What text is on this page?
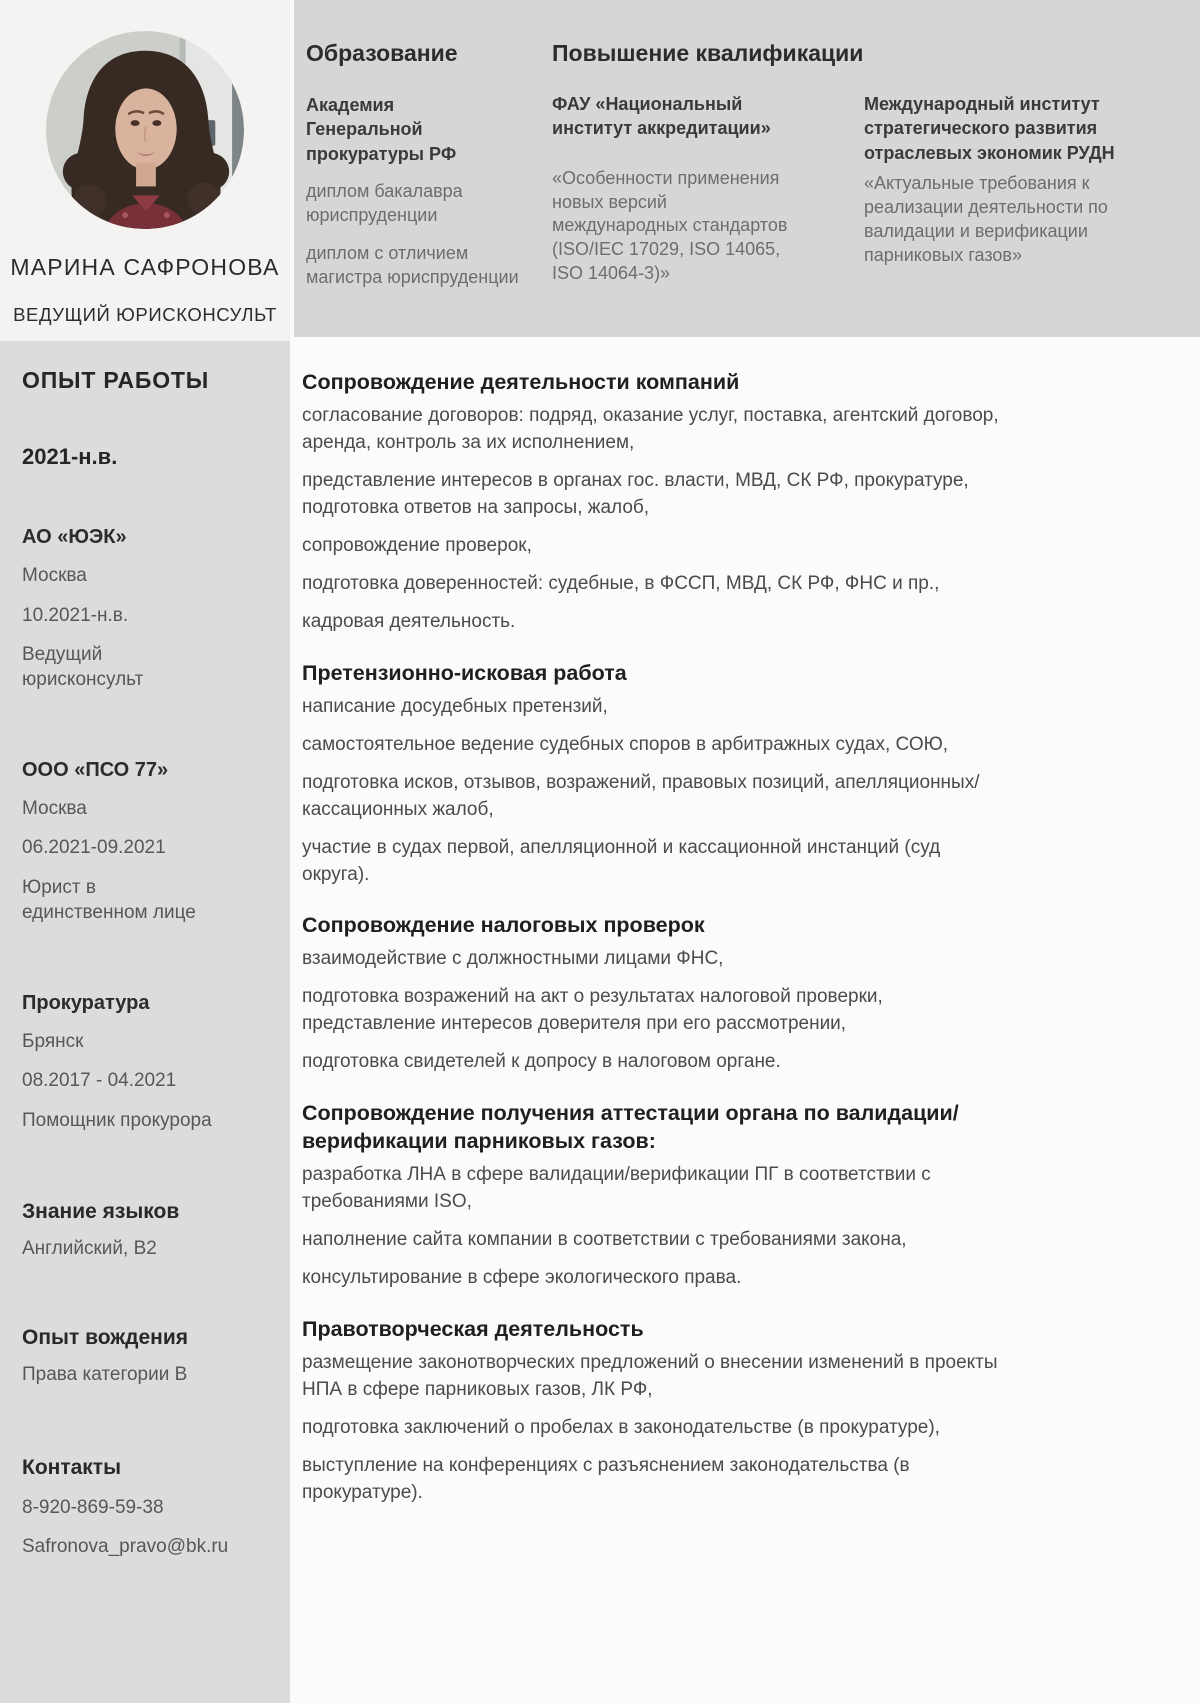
МАРИНА САФРОНОВА
ВЕДУЩИЙ ЮРИСКОНСУЛЬТ
Образование
Академия Генеральной прокуратуры РФ
диплом бакалавра юриспруденции
диплом с отличием магистра юриспруденции
Повышение квалификации
ФАУ «Национальный институт аккредитации»
«Особенности применения новых версий международных стандартов (ISO/IEC 17029, ISO 14065, ISO 14064-3)»
Международный институт стратегического развития отраслевых экономик РУДН
«Актуальные требования к реализации деятельности по валидации и верификации парниковых газов»
ОПЫТ РАБОТЫ
2021-н.в.
АО «ЮЭК»
Москва
10.2021-н.в.
Ведущий юрисконсульт
ООО «ПСО 77»
Москва
06.2021-09.2021
Юрист в единственном лице
Прокуратура
Брянск
08.2017 - 04.2021
Помощник прокурора
Знание языков
Английский, B2
Опыт вождения
Права категории B
Контакты
8-920-869-59-38
Safronova_pravo@bk.ru
Сопровождение деятельности компаний

согласование договоров: подряд, оказание услуг, поставка, агентский договор, аренда, контроль за их исполнением,

представление интересов в органах гос. власти, МВД, СК РФ, прокуратуре, подготовка ответов на запросы, жалоб,

сопровождение проверок,

подготовка доверенностей: судебные, в ФССП, МВД, СК РФ, ФНС и пр.,

кадровая деятельность.

Претензионно-исковая работа

написание досудебных претензий,

самостоятельное ведение судебных споров в арбитражных судах, СОЮ,

подготовка исков, отзывов, возражений, правовых позиций, апелляционных/кассационных жалоб,

участие в судах первой, апелляционной и кассационной инстанций (суд округа).

Сопровождение налоговых проверок

взаимодействие с должностными лицами ФНС,

подготовка возражений на акт о результатах налоговой проверки, представление интересов доверителя при его рассмотрении,

подготовка свидетелей к допросу в налоговом органе.

Сопровождение получения аттестации органа по валидации/верификации парниковых газов:

разработка ЛНА в сфере валидации/верификации ПГ в соответствии с требованиями ISO,

наполнение сайта компании в соответствии с требованиями закона,

консультирование в сфере экологического права.

Правотворческая деятельность

размещение законотворческих предложений о внесении изменений в проекты НПА в сфере парниковых газов, ЛК РФ,

подготовка заключений о пробелах в законодательстве (в прокуратуре),

выступление на конференциях с разъяснением законодательства (в прокуратуре).
